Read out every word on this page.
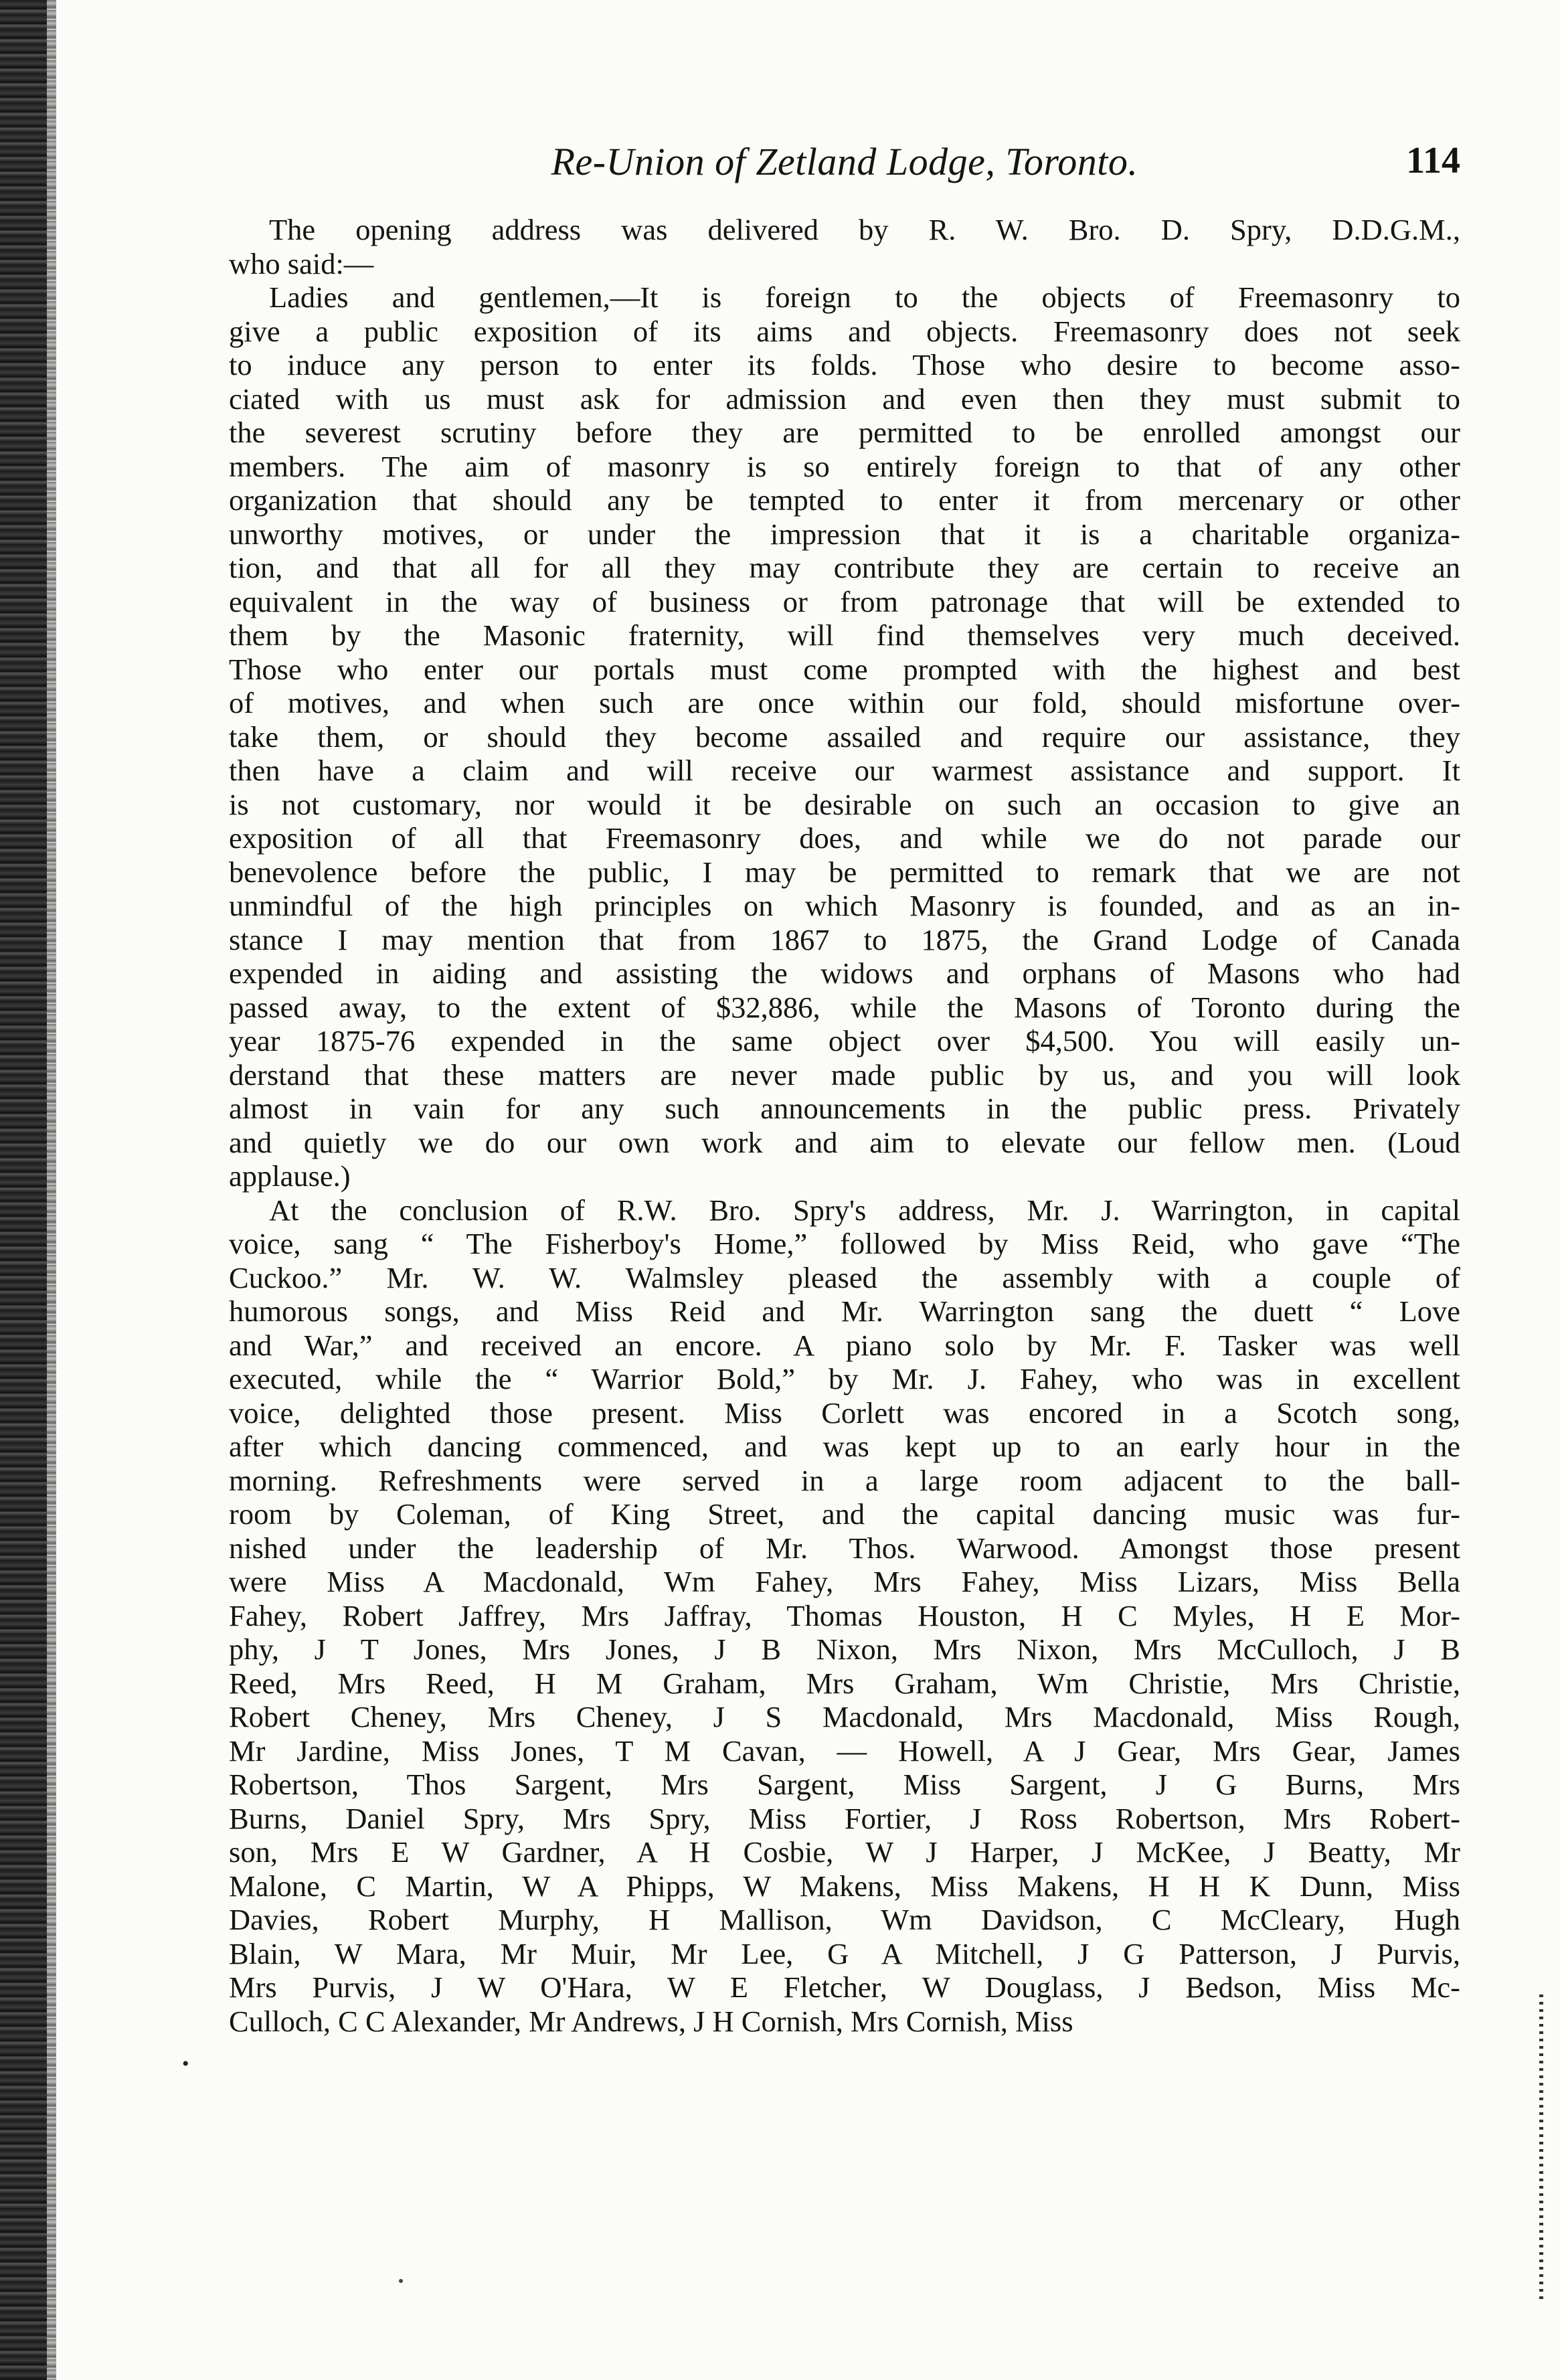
•
Re-Union of Zetland Lodge, Toronto.	114
The opening address was delivered by R. W. Bro. D. Spry, D.D.G.M.,
who said:—
Ladies and gentlemen,—It is foreign to the objects of Freemasonry to
give a public exposition of its aims and objects. Freemasonry does not seek
to induce any person to enter its folds. Those who desire to become asso-
ciated with us must ask for admission and even then they must submit to
the severest scrutiny before they are permitted to be enrolled amongst our
members. The aim of masonry is so entirely foreign to that of any other
organization that should any be tempted to enter it from mercenary or other
unworthy motives, or under the impression that it is a charitable organiza-
tion, and that all for all they may contribute they are certain to receive an
equivalent in the way of business or from patronage that will be extended to
them by the Masonic fraternity, will find themselves very much deceived.
Those who enter our portals must come prompted with the highest and best
of motives, and when such are once within our fold, should misfortune over-
take them, or should they become assailed and require our assistance, they
then have a claim and will receive our warmest assistance and support. It
is not customary, nor would it be desirable on such an occasion to give an
exposition of all that Freemasonry does, and while we do not parade our
benevolence before the public, I may be permitted to remark that we are not
unmindful of the high principles on which Masonry is founded, and as an in-
stance I may mention that from 1867 to 1875, the Grand Lodge of Canada
expended in aiding and assisting the widows and orphans of Masons who had
passed away, to the extent of $32,886, while the Masons of Toronto during the
year 1875-76 expended in the same object over $4,500. You will easily un-
derstand that these matters are never made public by us, and you will look
almost in vain for any such announcements in the public press. Privately
and quietly we do our own work and aim to elevate our fellow men. (Loud
applause.)
At the conclusion of R.W. Bro. Spry's address, Mr. J. Warrington, in capital
voice, sang “ The Fisherboy's Home,” followed by Miss Reid, who gave “The
Cuckoo.” Mr. W. W. Walmsley pleased the assembly with a couple of
humorous songs, and Miss Reid and Mr. Warrington sang the duett “ Love
and War,” and received an encore. A piano solo by Mr. F. Tasker was well
executed, while the “ Warrior Bold,” by Mr. J. Fahey, who was in excellent
voice, delighted those present. Miss Corlett was encored in a Scotch song,
after which dancing commenced, and was kept up to an early hour in the
morning. Refreshments were served in a large room adjacent to the ball-
room by Coleman, of King Street, and the capital dancing music was fur-
nished under the leadership of Mr. Thos. Warwood. Amongst those present
were Miss A Macdonald, Wm Fahey, Mrs Fahey, Miss Lizars, Miss Bella
Fahey, Robert Jaffrey, Mrs Jaffray, Thomas Houston, H C Myles, H E Mor-
phy, J T Jones, Mrs Jones, J B Nixon, Mrs Nixon, Mrs McCulloch, J B
Reed, Mrs Reed, H M Graham, Mrs Graham, Wm Christie, Mrs Christie,
Robert Cheney, Mrs Cheney, J S Macdonald, Mrs Macdonald, Miss Rough,
Mr Jardine, Miss Jones, T M Cavan, — Howell, A J Gear, Mrs Gear, James
Robertson, Thos Sargent, Mrs Sargent, Miss Sargent, J G Burns, Mrs
Burns, Daniel Spry, Mrs Spry, Miss Fortier, J Ross Robertson, Mrs Robert-
son, Mrs E W Gardner, A H Cosbie, W J Harper, J McKee, J Beatty, Mr
Malone, C Martin, W A Phipps, W Makens, Miss Makens, H H K Dunn, Miss
Davies, Robert Murphy, H Mallison, Wm Davidson, C McCleary, Hugh
Blain, W Mara, Mr Muir, Mr Lee, G A Mitchell, J G Patterson, J Purvis,
Mrs Purvis, J W O'Hara, W E Fletcher, W Douglass, J Bedson, Miss Mc-
Culloch, C C Alexander, Mr Andrews, J H Cornish, Mrs Cornish, Miss
